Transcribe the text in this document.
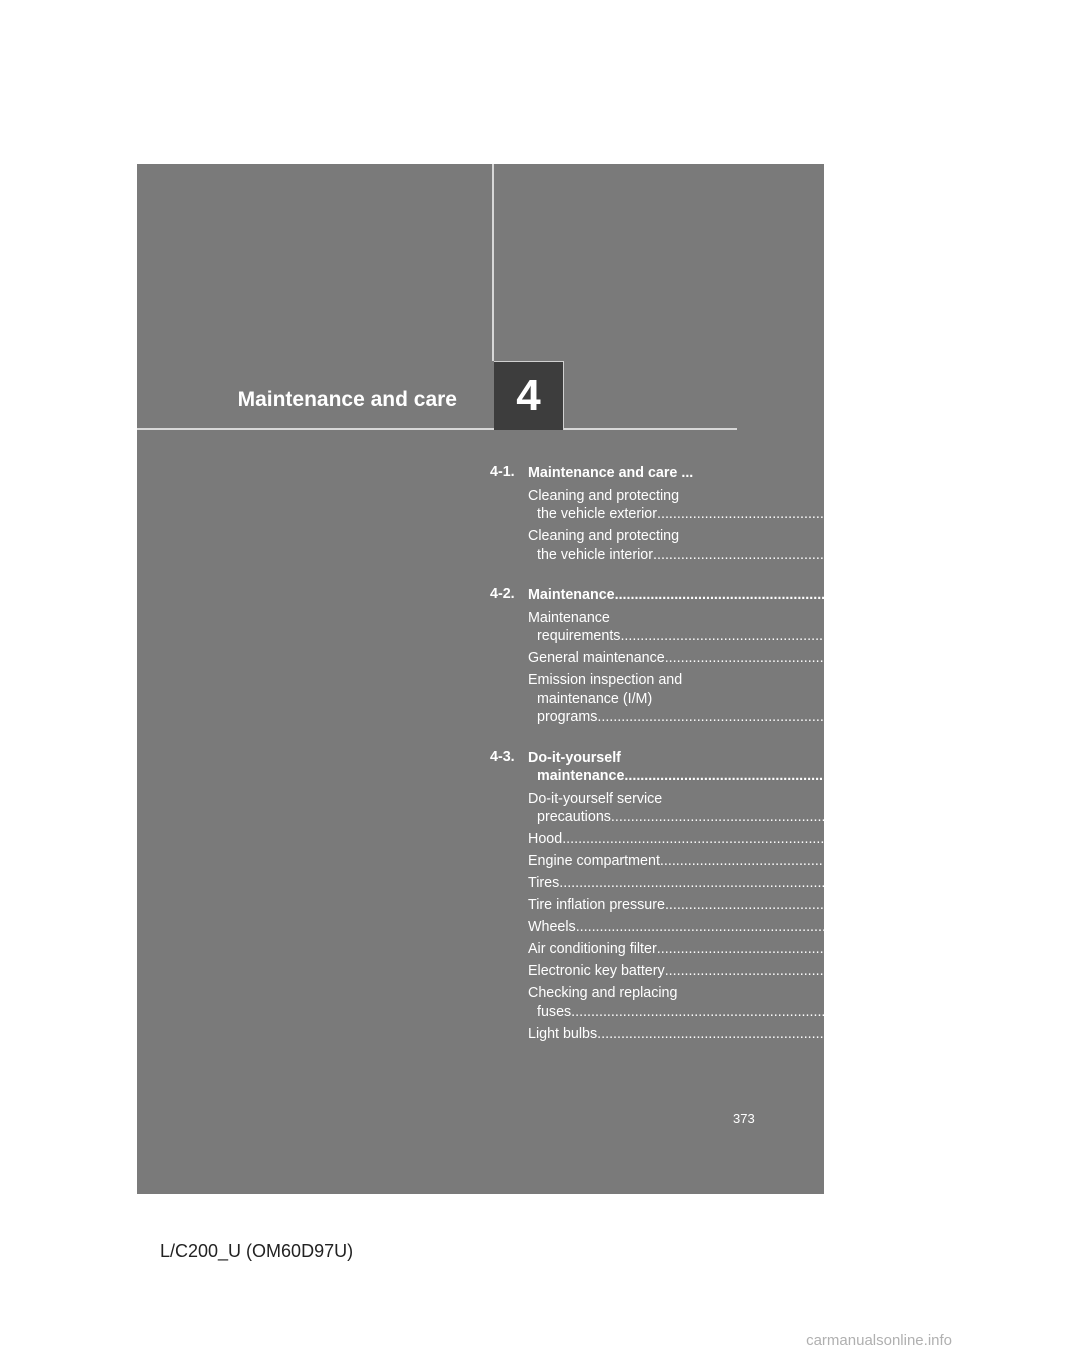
Maintenance and care	4
4-1. Maintenance and care ...	374
Cleaning and protecting
the vehicle exterior .....	374
Cleaning and protecting
the vehicle interior .....	376
4-2. Maintenance .....	379
Maintenance
requirements .....	379
General maintenance .....	381
Emission inspection and
maintenance (I/M)
programs .....	384
4-3. Do-it-yourself
maintenance .....	385
Do-it-yourself service
precautions .....	385
Hood .....	388
Engine compartment .....	389
Tires .....	405
Tire inflation pressure .....	414
Wheels .....	418
Air conditioning filter .....	420
Electronic key battery .....	423
Checking and replacing
fuses .....	426
Light bulbs .....	439
373
L/C200_U (OM60D97U)
carmanualsonline.info
